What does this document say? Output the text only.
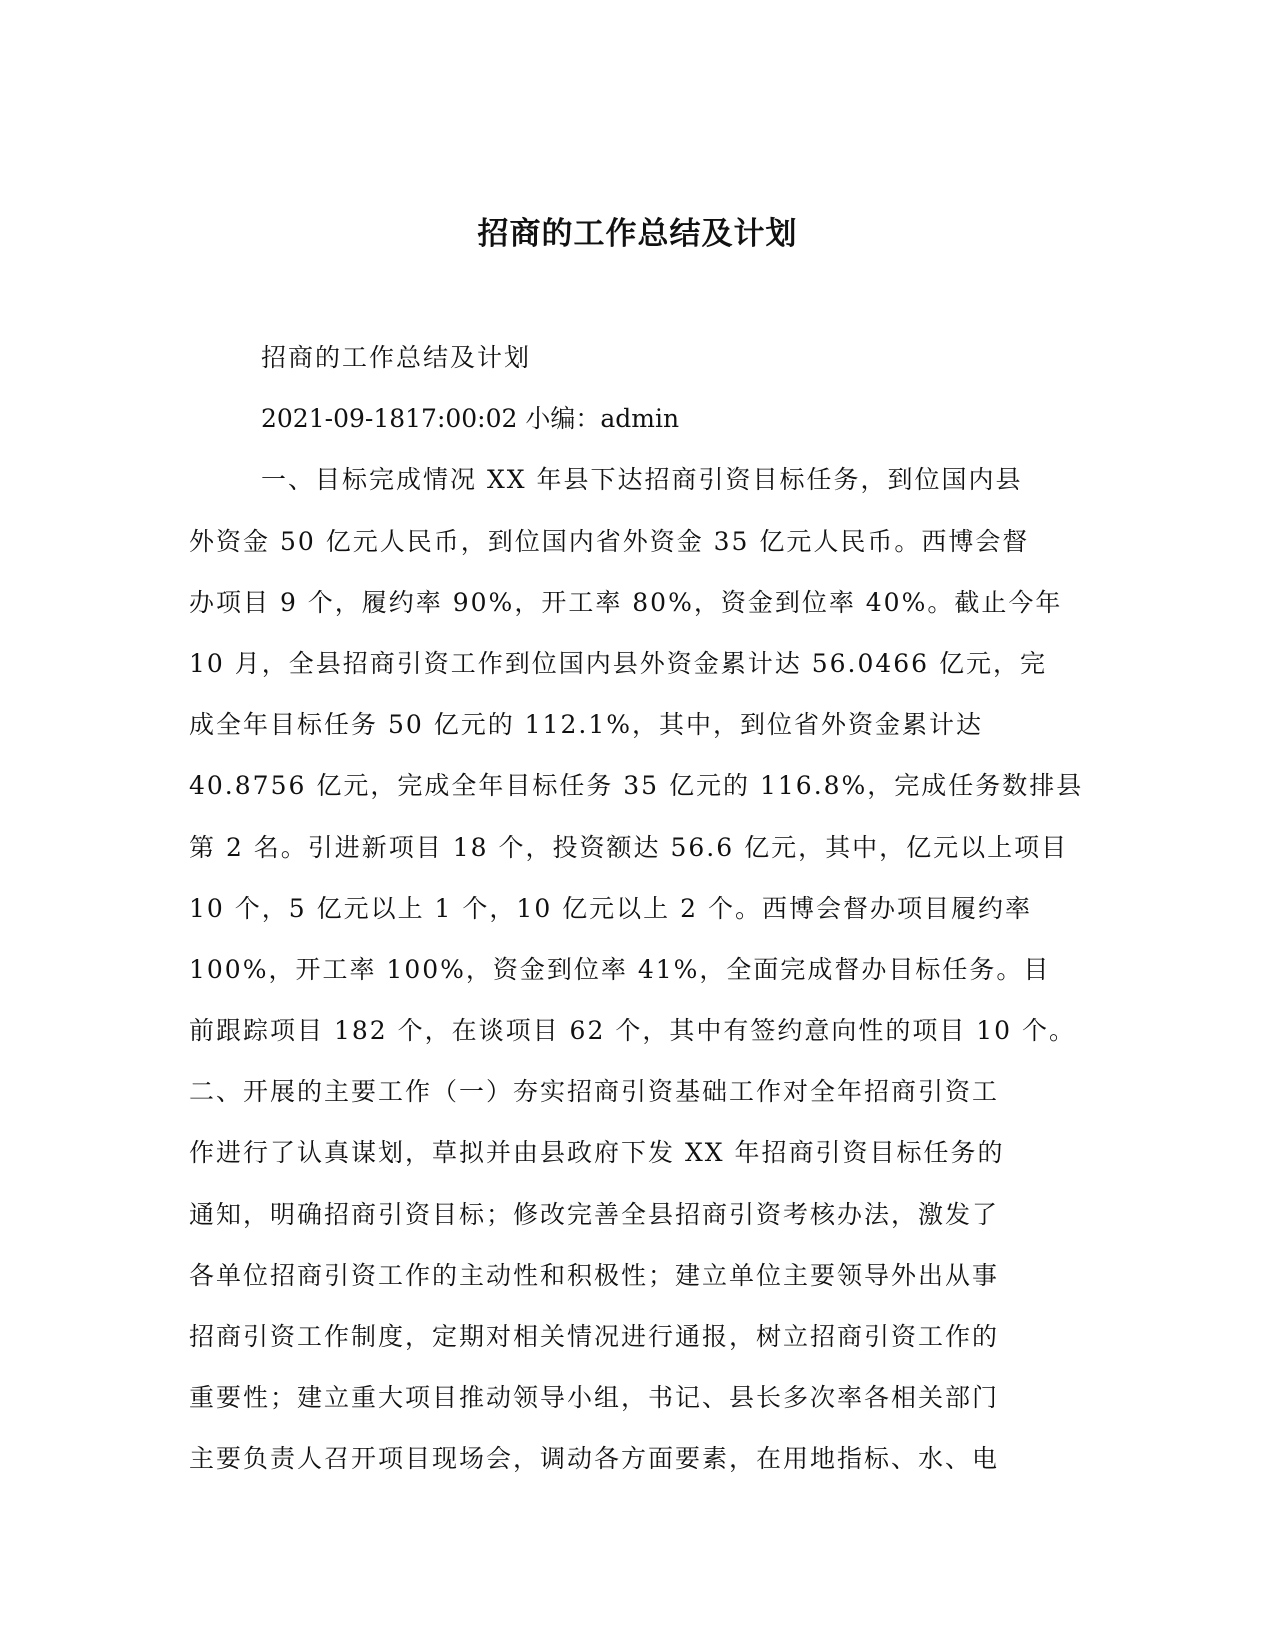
招商的工作总结及计划

招商的工作总结及计划

2021-09-1817:00:02 小编：admin

一、目标完成情况 XX 年县下达招商引资目标任务，到位国内县

外资金 50 亿元人民币，到位国内省外资金 35 亿元人民币。西博会督

办项目 9 个，履约率 90%，开工率 80%，资金到位率 40%。截止今年

10 月，全县招商引资工作到位国内县外资金累计达 56.0466 亿元，完

成全年目标任务 50 亿元的 112.1%，其中，到位省外资金累计达

40.8756 亿元，完成全年目标任务 35 亿元的 116.8%，完成任务数排县

第 2 名。引进新项目 18 个，投资额达 56.6 亿元，其中，亿元以上项目

10 个，5 亿元以上 1 个，10 亿元以上 2 个。西博会督办项目履约率

100%，开工率 100%，资金到位率 41%，全面完成督办目标任务。目

前跟踪项目 182 个，在谈项目 62 个，其中有签约意向性的项目 10 个。

二、开展的主要工作（一）夯实招商引资基础工作对全年招商引资工

作进行了认真谋划，草拟并由县政府下发 XX 年招商引资目标任务的

通知，明确招商引资目标；修改完善全县招商引资考核办法，激发了

各单位招商引资工作的主动性和积极性；建立单位主要领导外出从事

招商引资工作制度，定期对相关情况进行通报，树立招商引资工作的

重要性；建立重大项目推动领导小组，书记、县长多次率各相关部门

主要负责人召开项目现场会，调动各方面要素，在用地指标、水、电
